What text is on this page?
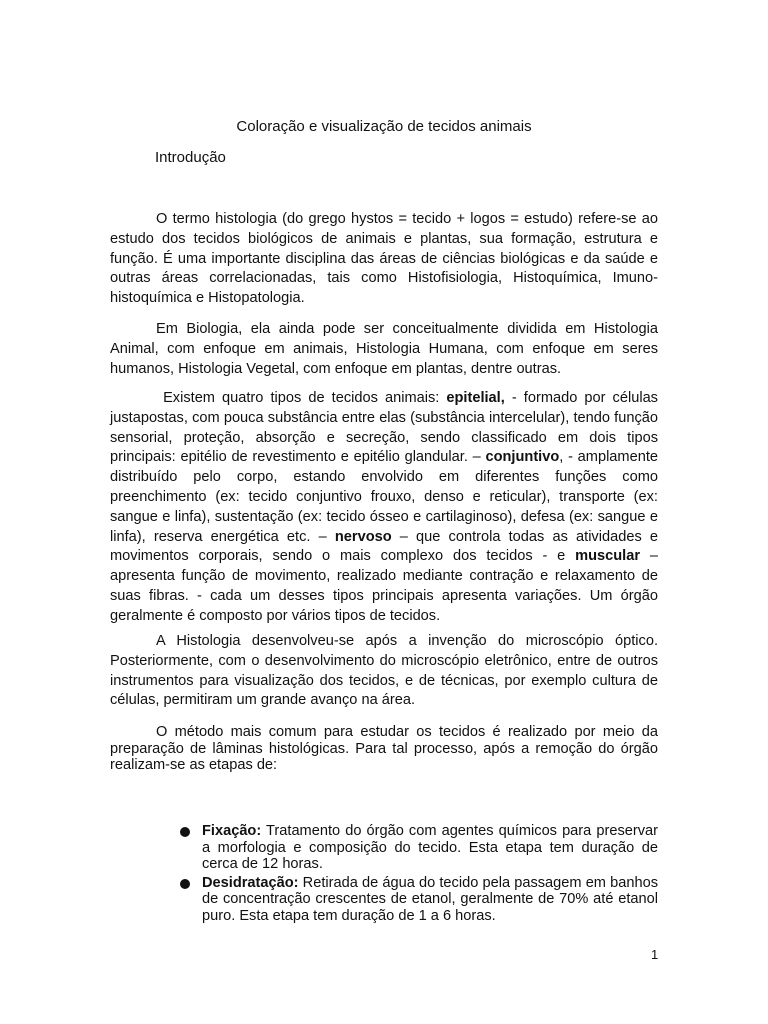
Coloração e visualização de tecidos animais
Introdução

O termo histologia (do grego hystos = tecido + logos = estudo) refere-se ao estudo dos tecidos biológicos de animais e plantas, sua formação, estrutura e função. É uma importante disciplina das áreas de ciências biológicas e da saúde e outras áreas correlacionadas, tais como Histofisiologia, Histoquímica, Imuno-histoquímica e Histopatologia.

Em Biologia, ela ainda pode ser conceitualmente dividida em Histologia Animal, com enfoque em animais, Histologia Humana, com enfoque em seres humanos, Histologia Vegetal, com enfoque em plantas, dentre outras.

Existem quatro tipos de tecidos animais: epitelial, - formado por células justapostas, com pouca substância entre elas (substância intercelular), tendo função sensorial, proteção, absorção e secreção, sendo classificado em dois tipos principais: epitélio de revestimento e epitélio glandular. – conjuntivo, - amplamente distribuído pelo corpo, estando envolvido em diferentes funções como preenchimento (ex: tecido conjuntivo frouxo, denso e reticular), transporte (ex: sangue e linfa), sustentação (ex: tecido ósseo e cartilaginoso), defesa (ex: sangue e linfa), reserva energética etc. – nervoso – que controla todas as atividades e movimentos corporais, sendo o mais complexo dos tecidos - e muscular – apresenta função de movimento, realizado mediante contração e relaxamento de suas fibras. - cada um desses tipos principais apresenta variações. Um órgão geralmente é composto por vários tipos de tecidos.

A Histologia desenvolveu-se após a invenção do microscópio óptico. Posteriormente, com o desenvolvimento do microscópio eletrônico, entre de outros instrumentos para visualização dos tecidos, e de técnicas, por exemplo cultura de células, permitiram um grande avanço na área.

O método mais comum para estudar os tecidos é realizado por meio da preparação de lâminas histológicas. Para tal processo, após a remoção do órgão realizam-se as etapas de:

Fixação: Tratamento do órgão com agentes químicos para preservar a morfologia e composição do tecido. Esta etapa tem duração de cerca de 12 horas.
Desidratação: Retirada de água do tecido pela passagem em banhos de concentração crescentes de etanol, geralmente de 70% até etanol puro. Esta etapa tem duração de 1 a 6 horas.
1
